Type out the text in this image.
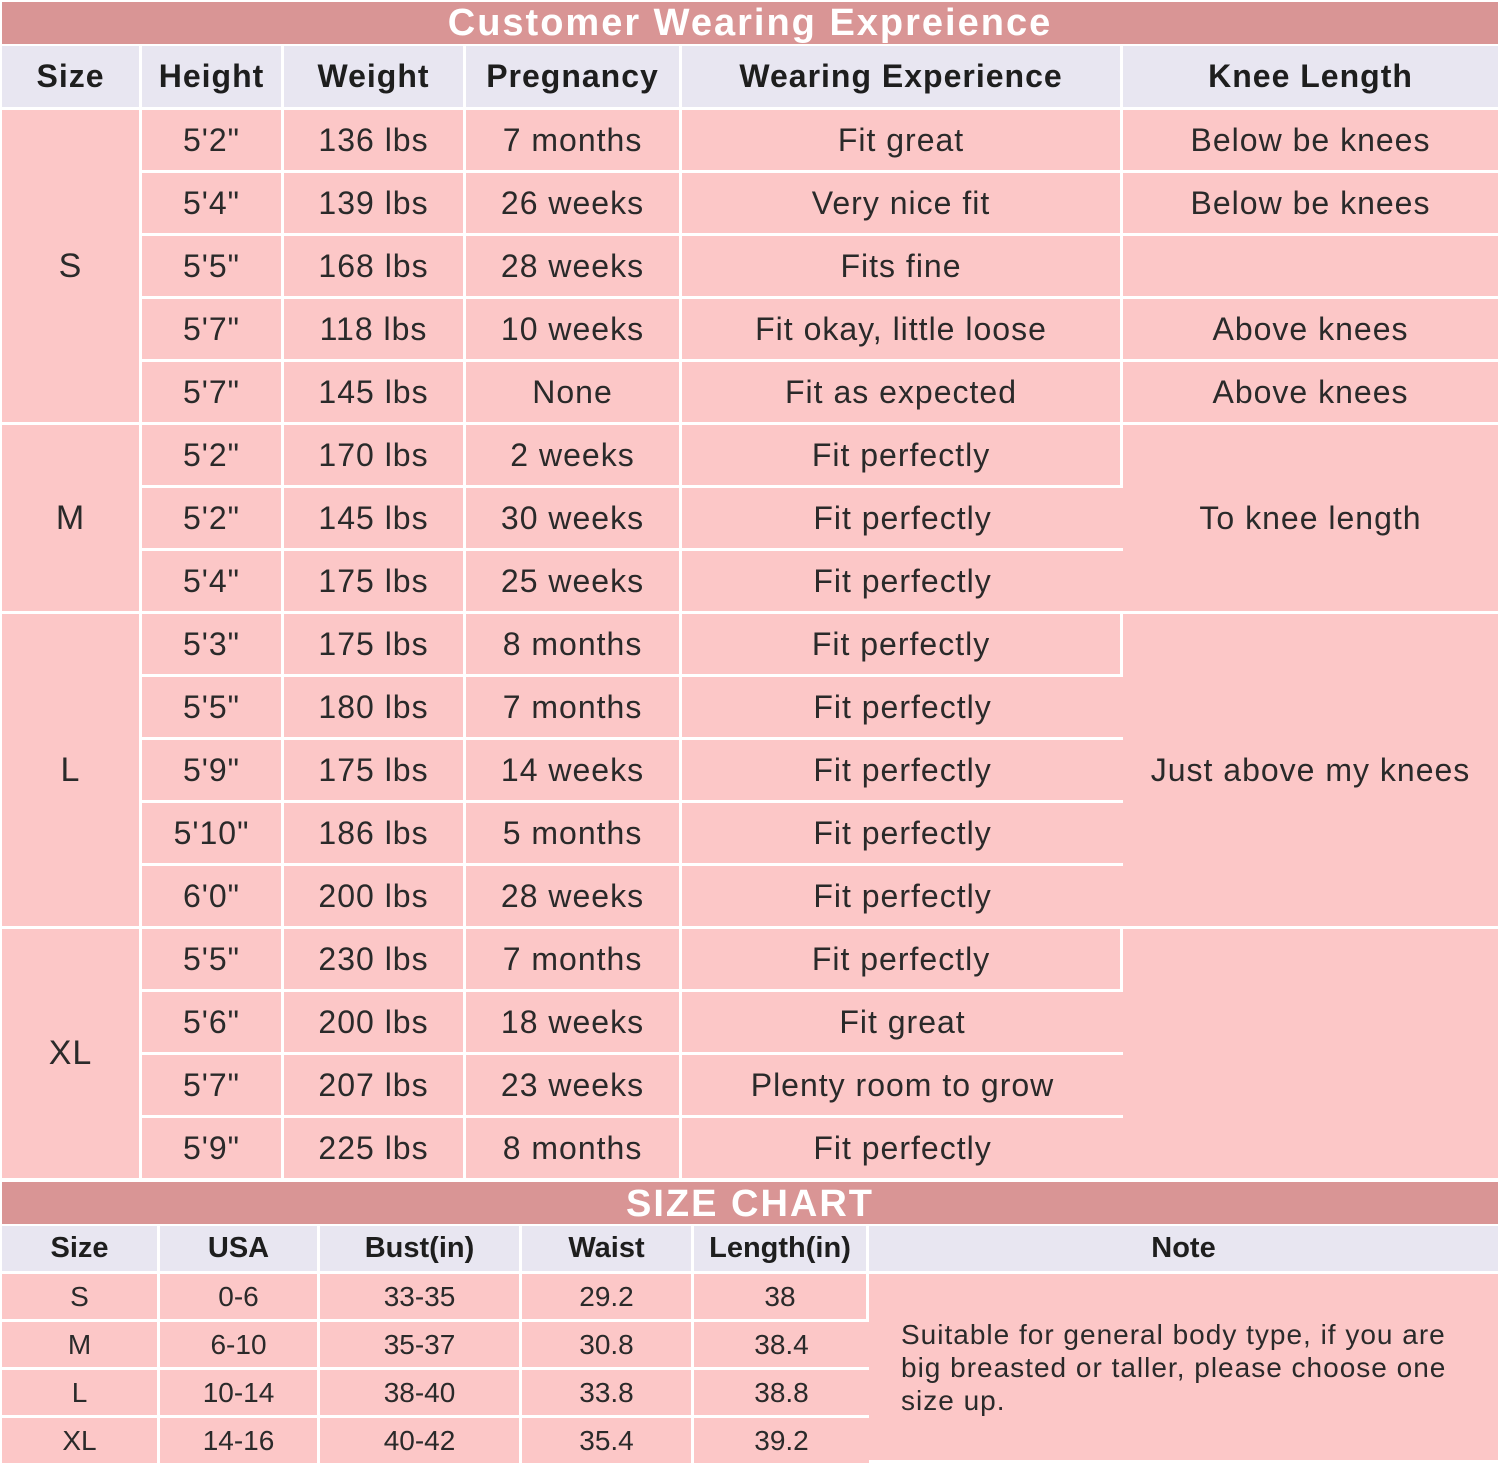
Customer Wearing Expreience
Size	Height	Weight	Pregnancy	Wearing Experience	Knee Length
S	5'2"	136 lbs	7 months	Fit great	Below be knees
	5'4"	139 lbs	26 weeks	Very nice fit	Below be knees
	5'5"	168 lbs	28 weeks	Fits fine	
	5'7"	118 lbs	10 weeks	Fit okay, little loose	Above knees
	5'7"	145 lbs	None	Fit as expected	Above knees
M	5'2"	170 lbs	2 weeks	Fit perfectly	To knee length
	5'2"	145 lbs	30 weeks	Fit perfectly	
	5'4"	175 lbs	25 weeks	Fit perfectly	
L	5'3"	175 lbs	8 months	Fit perfectly	Just above my knees
	5'5"	180 lbs	7 months	Fit perfectly	
	5'9"	175 lbs	14 weeks	Fit perfectly	
	5'10"	186 lbs	5 months	Fit perfectly	
	6'0"	200 lbs	28 weeks	Fit perfectly	
XL	5'5"	230 lbs	7 months	Fit perfectly	
	5'6"	200 lbs	18 weeks	Fit great	
	5'7"	207 lbs	23 weeks	Plenty room to grow	
	5'9"	225 lbs	8 months	Fit perfectly	
SIZE CHART
Size	USA	Bust(in)	Waist	Length(in)	Note
S	0-6	33-35	29.2	38	Suitable for general body type, if you are big breasted or taller, please choose one size up.
M	6-10	35-37	30.8	38.4	
L	10-14	38-40	33.8	38.8	
XL	14-16	40-42	35.4	39.2	
